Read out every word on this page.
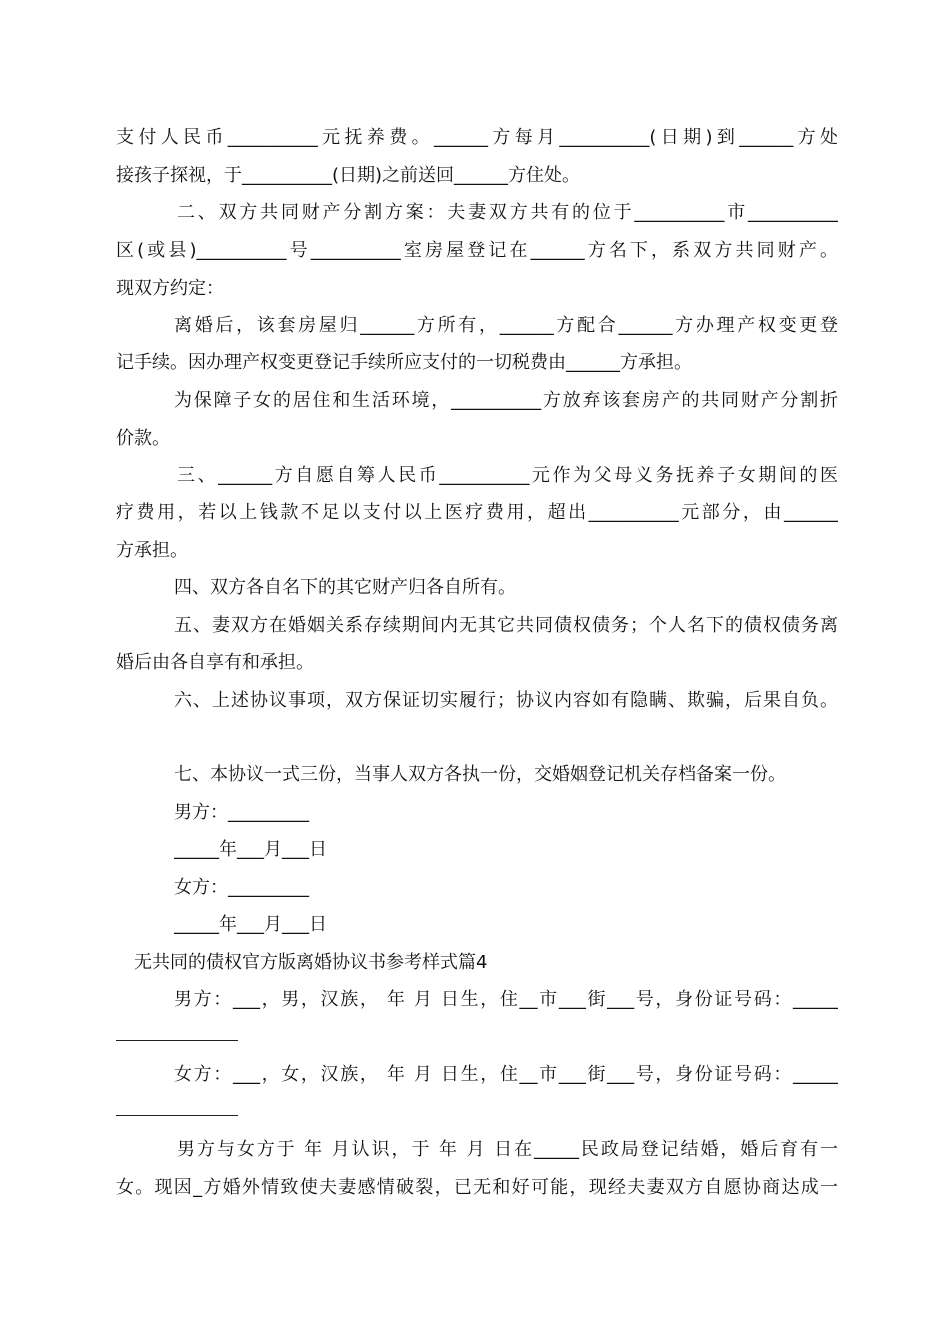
支付人民币__________元抚养费。______方每月__________(日期)到______方处

接孩子探视，于__________(日期)之前送回______方住处。

二、双方共同财产分割方案：夫妻双方共有的位于__________市__________

区(或县)__________号__________室房屋登记在______方名下，系双方共同财产。

现双方约定：

离婚后，该套房屋归______方所有，______方配合______方办理产权变更登

记手续。因办理产权变更登记手续所应支付的一切税费由______方承担。

为保障子女的居住和生活环境，__________方放弃该套房产的共同财产分割折

价款。

三、______方自愿自筹人民币__________元作为父母义务抚养子女期间的医

疗费用，若以上钱款不足以支付以上医疗费用，超出__________元部分，由______

方承担。

四、双方各自名下的其它财产归各自所有。

五、妻双方在婚姻关系存续期间内无其它共同债权债务；个人名下的债权债务离

婚后由各自享有和承担。

六、上述协议事项，双方保证切实履行；协议内容如有隐瞒、欺骗，后果自负。

七、本协议一式三份，当事人双方各执一份，交婚姻登记机关存档备案一份。

男方：_________

_____年___月___日

女方：_________

_____年___月___日

无共同的债权官方版离婚协议书参考样式篇4

男方：___，男，汉族， 年 月 日生，住__市___街___号，身份证号码：_____

女方：___，女，汉族， 年 月 日生，住__市___街___号，身份证号码：_____

男方与女方于 年 月认识，于 年 月 日在_____民政局登记结婚，婚后育有一

女。现因_方婚外情致使夫妻感情破裂，已无和好可能，现经夫妻双方自愿协商达成一
